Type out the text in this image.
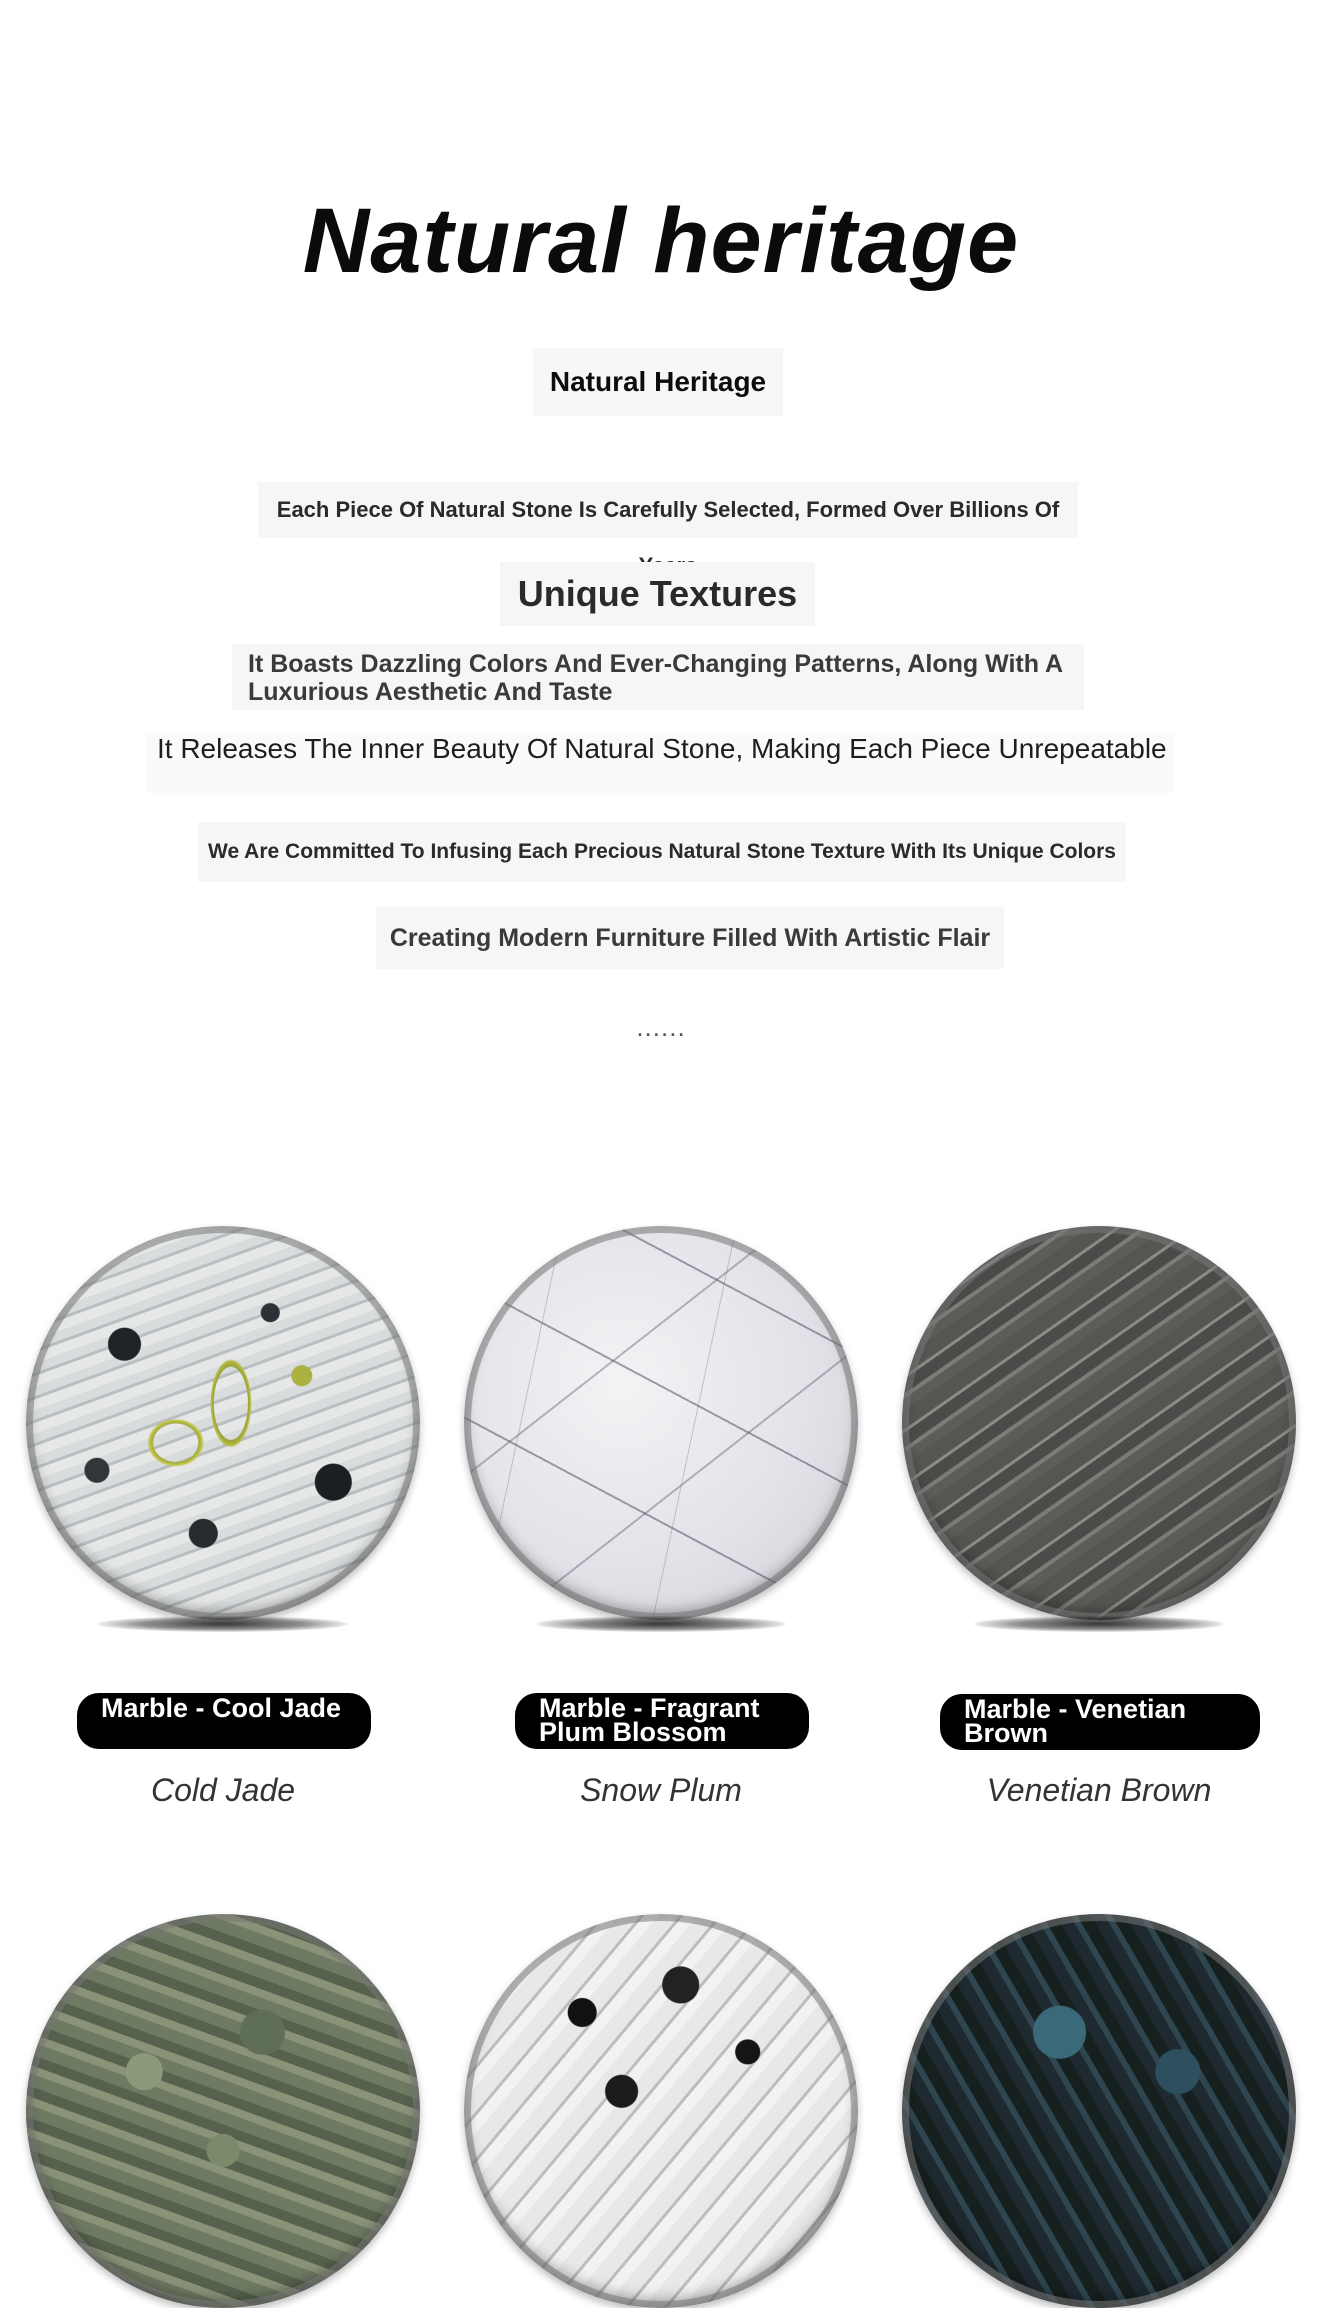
Natural heritage
Natural Heritage
Each Piece Of Natural Stone Is Carefully Selected, Formed Over Billions Of
Unique Textures
It Boasts Dazzling Colors And Ever-Changing Patterns, Along With A Luxurious Aesthetic And Taste
It Releases The Inner Beauty Of Natural Stone, Making Each Piece Unrepeatable
We Are Committed To Infusing Each Precious Natural Stone Texture With Its Unique Colors
Creating Modern Furniture Filled With Artistic Flair
......
Marble - Cool Jade
Cold Jade
Marble - Fragrant Plum Blossom
Snow Plum
Marble - Venetian Brown
Venetian Brown
